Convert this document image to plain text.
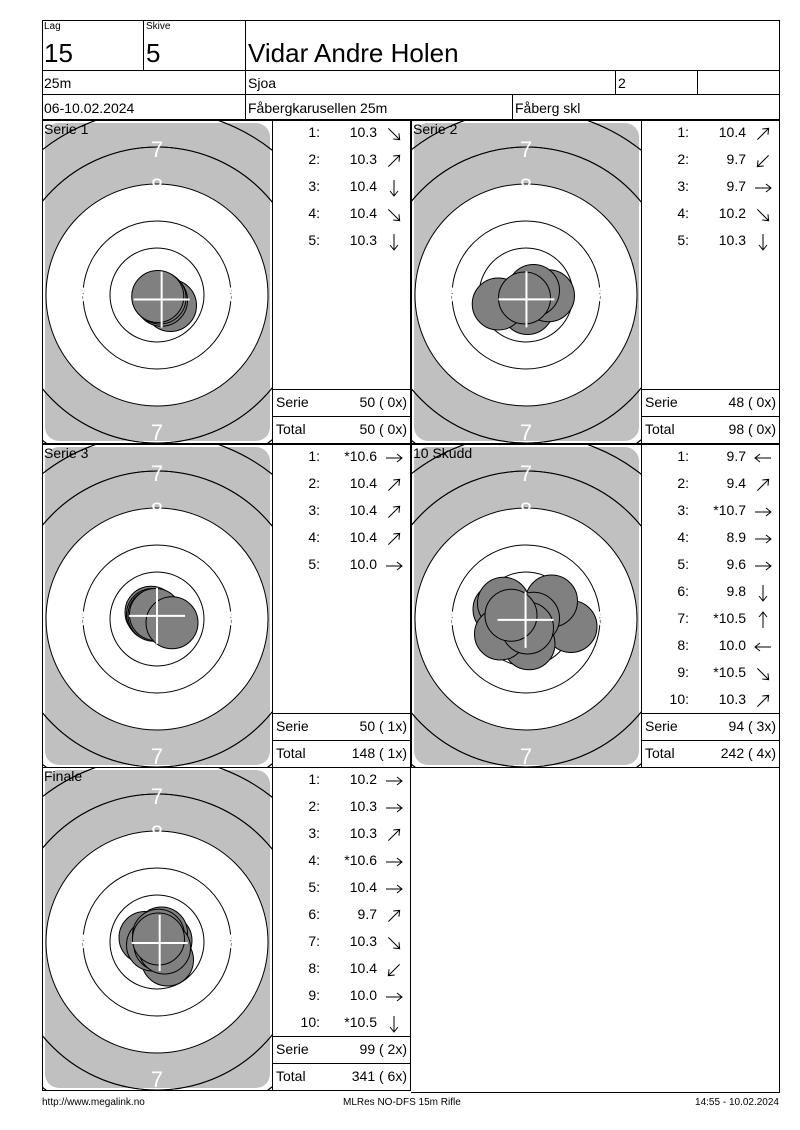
Lag
15
Skive
5	Vidar Andre Holen
25m	Sjoa	2
06-10.02.2024	Fåbergkarusellen 25m	Fåberg skl
7
8
8	8
8
7
Serie 1	1:	10.3
2:	10.3
3:	10.4
4:	10.4
5:	10.3
Serie	50 ( 0x)
Total	50 ( 0x)
7
8
8	8
8
7
Serie 2	1:	10.4
2:	9.7
3:	9.7
4:	10.2
5:	10.3
Serie	48 ( 0x)
Total	98 ( 0x)
7
8
8	8
8
7
Serie 3	1:	*10.6
2:	10.4
3:	10.4
4:	10.4
5:	10.0
Serie	50 ( 1x)
Total	148 ( 1x)
7
8
8	8
8
7
10 Skudd	1:	9.7
2:	9.4
3:	*10.7
4:	8.9
5:	9.6
6:	9.8
7:	*10.5
8:	10.0
9:	*10.5
10:	10.3
Serie	94 ( 3x)
Total	242 ( 4x)
7
8
8	8
8
7
Finale	1:	10.2
2:	10.3
3:	10.3
4:	*10.6
5:	10.4
6:	9.7
7:	10.3
8:	10.4
9:	10.0
10:	*10.5
Serie	99 ( 2x)
Total	341 ( 6x)
http://www.megalink.no	MLRes NO-DFS 15m Rifle	14:55 - 10.02.2024
